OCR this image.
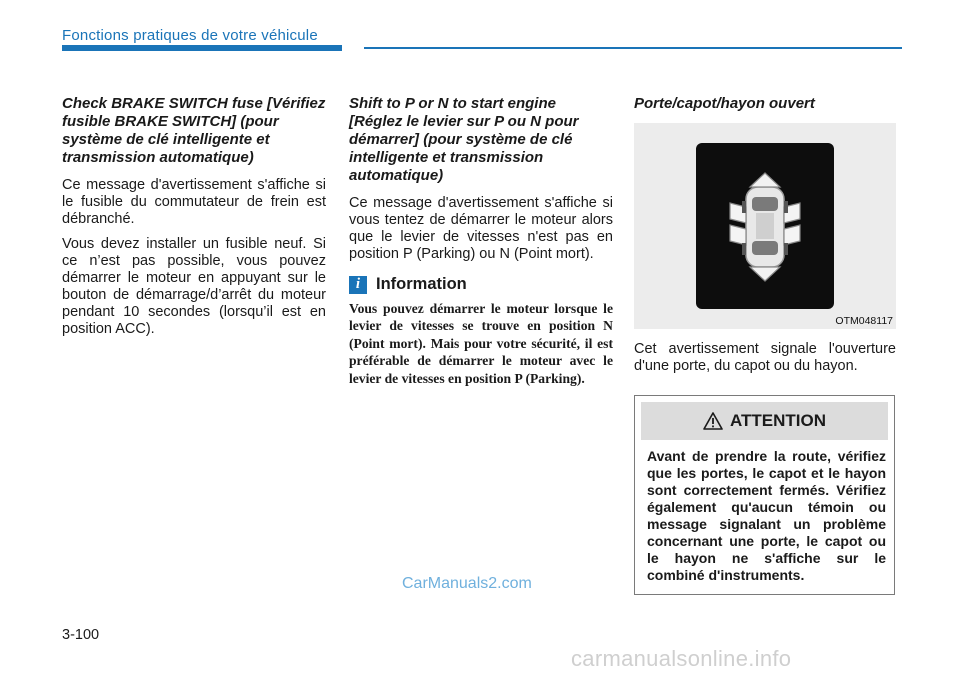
Fonctions pratiques de votre véhicule
Check BRAKE SWITCH fuse [Vérifiez fusible BRAKE SWITCH] (pour système de clé intelligente et transmission automatique)

Ce message d'avertissement s'affiche si le fusible du commutateur de frein est débranché.

Vous devez installer un fusible neuf. Si ce n’est pas possible, vous pouvez démarrer le moteur en appuyant sur le bouton de démarrage/d’arrêt du moteur pendant 10 secondes (lorsqu’il est en position ACC).

Shift to P or N to start engine [Réglez le levier sur P ou N pour démarrer] (pour système de clé intelligente et transmission automatique)

Ce message d'avertissement s'affiche si vous tentez de démarrer le moteur alors que le levier de vitesses n'est pas en position P (Parking) ou N (Point mort).

i Information

Vous pouvez démarrer le moteur lorsque le levier de vitesses se trouve en position N (Point mort). Mais pour votre sécurité, il est préférable de démarrer le moteur avec le levier de vitesses en position P (Parking).

Porte/capot/hayon ouvert
OTM048117

Cet avertissement signale l'ouverture d'une porte, du capot ou du hayon.

ATTENTION
Avant de prendre la route, vérifiez que les portes, le capot et le hayon sont correctement fermés. Vérifiez également qu'aucun témoin ou message signalant un problème concernant une porte, le capot ou le hayon ne s'affiche sur le combiné d'instruments.
CarManuals2.com
3-100
carmanualsonline.info
